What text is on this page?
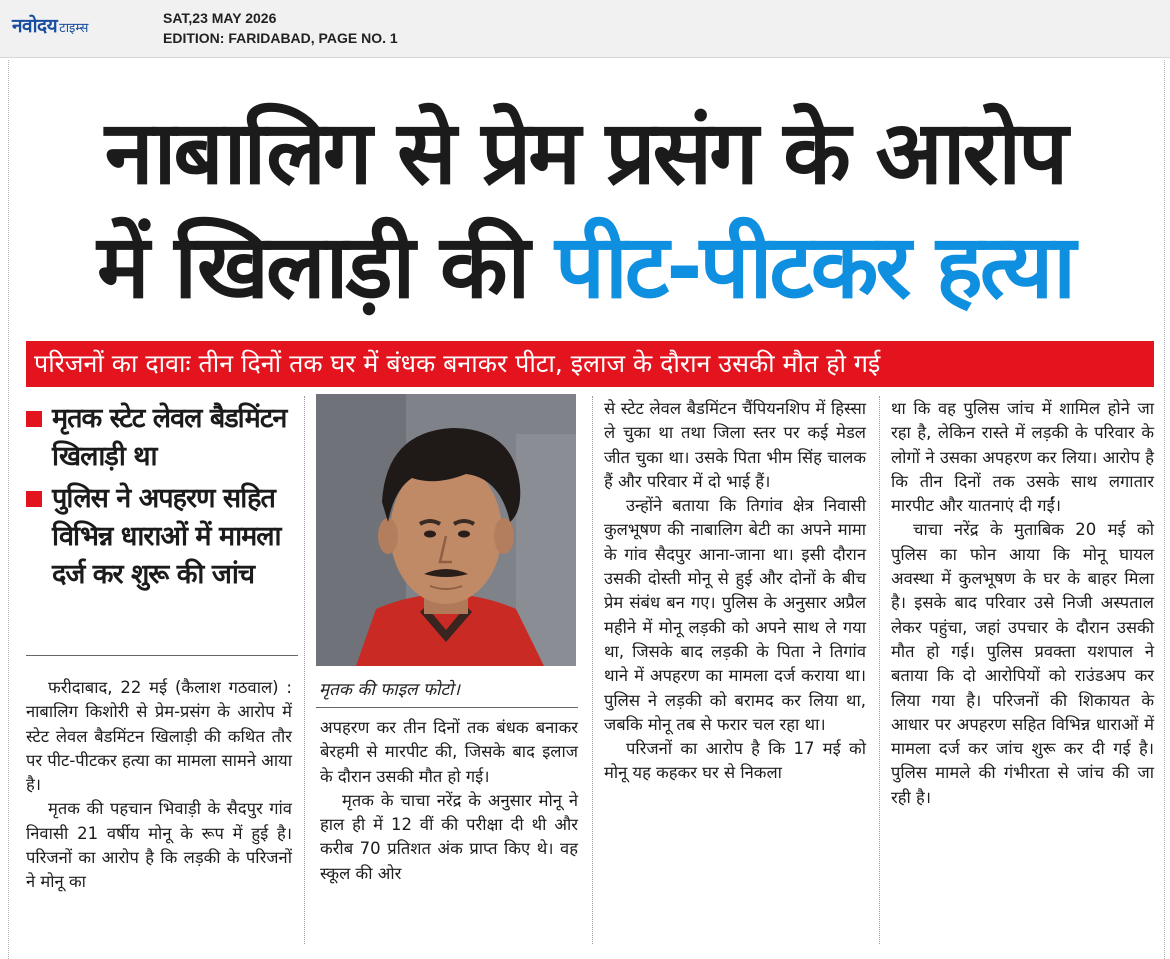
नवोदय टाइम्स
SAT,23 MAY 2026
EDITION: FARIDABAD, PAGE NO. 1
नाबालिग से प्रेम प्रसंग के आरोप
में खिलाड़ी की पीट-पीटकर हत्या
परिजनों का दावाः तीन दिनों तक घर में बंधक बनाकर पीटा, इलाज के दौरान उसकी मौत हो गई
मृतक स्टेट लेवल बैडमिंटन खिलाड़ी था
पुलिस ने अपहरण सहित विभिन्न धाराओं में मामला दर्ज कर शुरू की जांच
मृतक की फाइल फोटो।

फरीदाबाद, 22 मई (कैलाश गठवाल) : नाबालिग किशोरी से प्रेम-प्रसंग के आरोप में स्टेट लेवल बैडमिंटन खिलाड़ी की कथित तौर पर पीट-पीटकर हत्या का मामला सामने आया है।

मृतक की पहचान भिवाड़ी के सैदपुर गांव निवासी 21 वर्षीय मोनू के रूप में हुई है। परिजनों का आरोप है कि लड़की के परिजनों ने मोनू का

अपहरण कर तीन दिनों तक बंधक बनाकर बेरहमी से मारपीट की, जिसके बाद इलाज के दौरान उसकी मौत हो गई।

मृतक के चाचा नरेंद्र के अनुसार मोनू ने हाल ही में 12 वीं की परीक्षा दी थी और करीब 70 प्रतिशत अंक प्राप्त किए थे। वह स्कूल की ओर

से स्टेट लेवल बैडमिंटन चैंपियनशिप में हिस्सा ले चुका था तथा जिला स्तर पर कई मेडल जीत चुका था। उसके पिता भीम सिंह चालक हैं और परिवार में दो भाई हैं।

उन्होंने बताया कि तिगांव क्षेत्र निवासी कुलभूषण की नाबालिग बेटी का अपने मामा के गांव सैदपुर आना-जाना था। इसी दौरान उसकी दोस्ती मोनू से हुई और दोनों के बीच प्रेम संबंध बन गए। पुलिस के अनुसार अप्रैल महीने में मोनू लड़की को अपने साथ ले गया था, जिसके बाद लड़की के पिता ने तिगांव थाने में अपहरण का मामला दर्ज कराया था। पुलिस ने लड़की को बरामद कर लिया था, जबकि मोनू तब से फरार चल रहा था।

परिजनों का आरोप है कि 17 मई को मोनू यह कहकर घर से निकला

था कि वह पुलिस जांच में शामिल होने जा रहा है, लेकिन रास्ते में लड़की के परिवार के लोगों ने उसका अपहरण कर लिया। आरोप है कि तीन दिनों तक उसके साथ लगातार मारपीट और यातनाएं दी गईं।

चाचा नरेंद्र के मुताबिक 20 मई को पुलिस का फोन आया कि मोनू घायल अवस्था में कुलभूषण के घर के बाहर मिला है। इसके बाद परिवार उसे निजी अस्पताल लेकर पहुंचा, जहां उपचार के दौरान उसकी मौत हो गई। पुलिस प्रवक्ता यशपाल ने बताया कि दो आरोपियों को राउंडअप कर लिया गया है। परिजनों की शिकायत के आधार पर अपहरण सहित विभिन्न धाराओं में मामला दर्ज कर जांच शुरू कर दी गई है। पुलिस मामले की गंभीरता से जांच की जा रही है।
